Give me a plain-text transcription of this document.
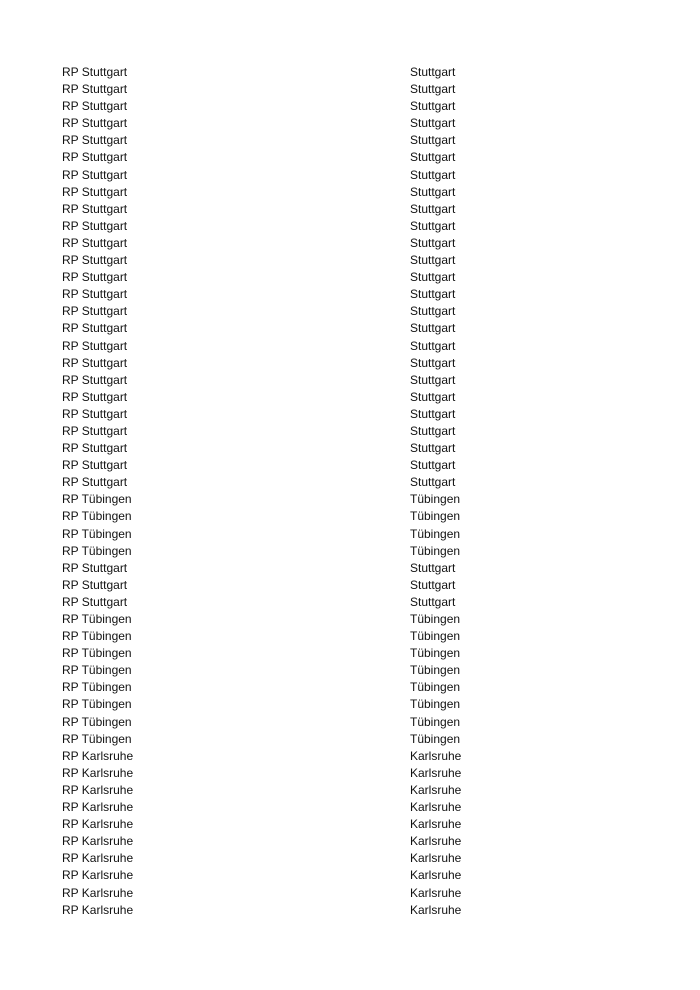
RP Stuttgart	Stuttgart
RP Stuttgart	Stuttgart
RP Stuttgart	Stuttgart
RP Stuttgart	Stuttgart
RP Stuttgart	Stuttgart
RP Stuttgart	Stuttgart
RP Stuttgart	Stuttgart
RP Stuttgart	Stuttgart
RP Stuttgart	Stuttgart
RP Stuttgart	Stuttgart
RP Stuttgart	Stuttgart
RP Stuttgart	Stuttgart
RP Stuttgart	Stuttgart
RP Stuttgart	Stuttgart
RP Stuttgart	Stuttgart
RP Stuttgart	Stuttgart
RP Stuttgart	Stuttgart
RP Stuttgart	Stuttgart
RP Stuttgart	Stuttgart
RP Stuttgart	Stuttgart
RP Stuttgart	Stuttgart
RP Stuttgart	Stuttgart
RP Stuttgart	Stuttgart
RP Stuttgart	Stuttgart
RP Stuttgart	Stuttgart
RP Tübingen	Tübingen
RP Tübingen	Tübingen
RP Tübingen	Tübingen
RP Tübingen	Tübingen
RP Stuttgart	Stuttgart
RP Stuttgart	Stuttgart
RP Stuttgart	Stuttgart
RP Tübingen	Tübingen
RP Tübingen	Tübingen
RP Tübingen	Tübingen
RP Tübingen	Tübingen
RP Tübingen	Tübingen
RP Tübingen	Tübingen
RP Tübingen	Tübingen
RP Tübingen	Tübingen
RP Karlsruhe	Karlsruhe
RP Karlsruhe	Karlsruhe
RP Karlsruhe	Karlsruhe
RP Karlsruhe	Karlsruhe
RP Karlsruhe	Karlsruhe
RP Karlsruhe	Karlsruhe
RP Karlsruhe	Karlsruhe
RP Karlsruhe	Karlsruhe
RP Karlsruhe	Karlsruhe
RP Karlsruhe	Karlsruhe
